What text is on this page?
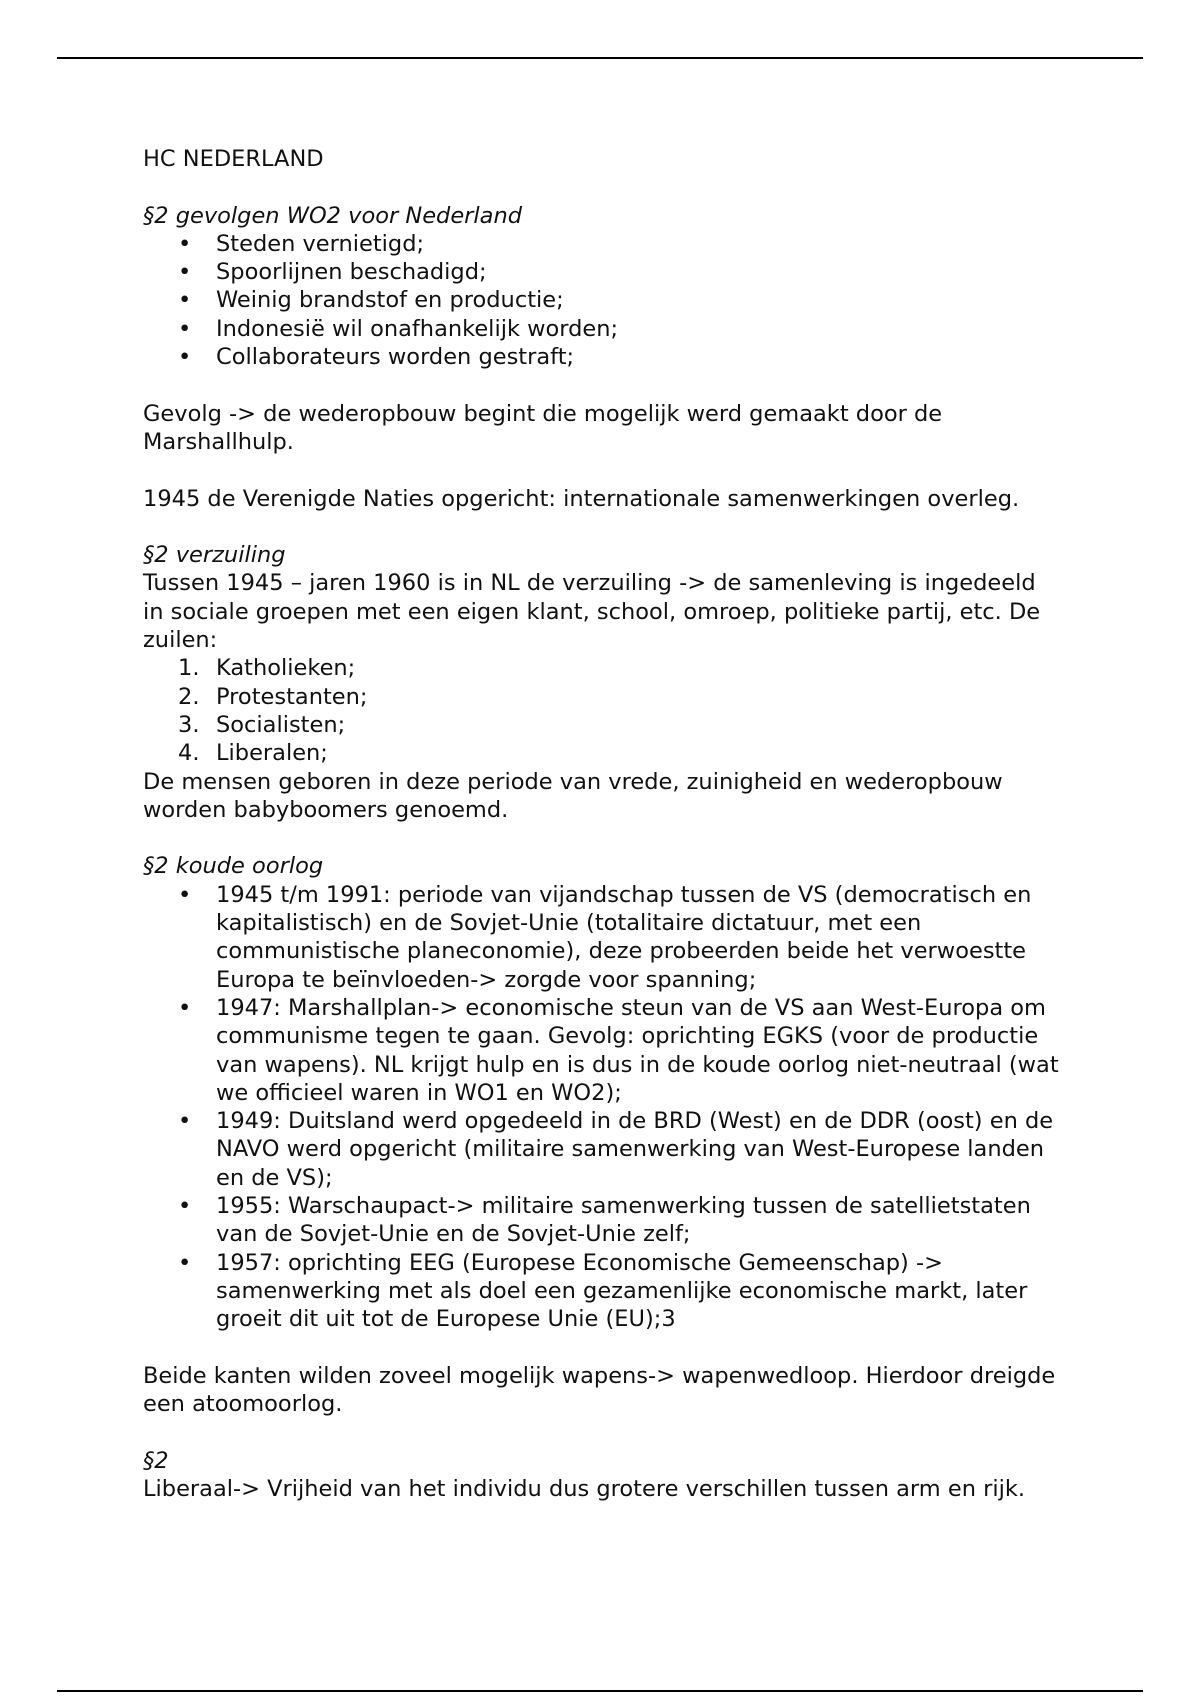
HC NEDERLAND

§2 gevolgen WO2 voor Nederland

• Steden vernietigd;
• Spoorlijnen beschadigd;
• Weinig brandstof en productie;
• Indonesië wil onafhankelijk worden;
• Collaborateurs worden gestraft;

Gevolg -> de wederopbouw begint die mogelijk werd gemaakt door de Marshallhulp.

1945 de Verenigde Naties opgericht: internationale samenwerkingen overleg.

§2 verzuiling

Tussen 1945 – jaren 1960 is in NL de verzuiling -> de samenleving is ingedeeld in sociale groepen met een eigen klant, school, omroep, politieke partij, etc. De zuilen:

1. Katholieken;
2. Protestanten;
3. Socialisten;
4. Liberalen;

De mensen geboren in deze periode van vrede, zuinigheid en wederopbouw worden babyboomers genoemd.

§2 koude oorlog

• 1945 t/m 1991: periode van vijandschap tussen de VS (democratisch en kapitalistisch) en de Sovjet-Unie (totalitaire dictatuur, met een communistische planeconomie), deze probeerden beide het verwoestte Europa te beïnvloeden-> zorgde voor spanning;
• 1947: Marshallplan-> economische steun van de VS aan West-Europa om communisme tegen te gaan. Gevolg: oprichting EGKS (voor de productie van wapens). NL krijgt hulp en is dus in de koude oorlog niet-neutraal (wat we officieel waren in WO1 en WO2);
• 1949: Duitsland werd opgedeeld in de BRD (West) en de DDR (oost) en de NAVO werd opgericht (militaire samenwerking van West-Europese landen en de VS);
• 1955: Warschaupact-> militaire samenwerking tussen de satellietstaten van de Sovjet-Unie en de Sovjet-Unie zelf;
• 1957: oprichting EEG (Europese Economische Gemeenschap) -> samenwerking met als doel een gezamenlijke economische markt, later groeit dit uit tot de Europese Unie (EU);3

Beide kanten wilden zoveel mogelijk wapens-> wapenwedloop. Hierdoor dreigde een atoomoorlog.

§2

Liberaal-> Vrijheid van het individu dus grotere verschillen tussen arm en rijk.
